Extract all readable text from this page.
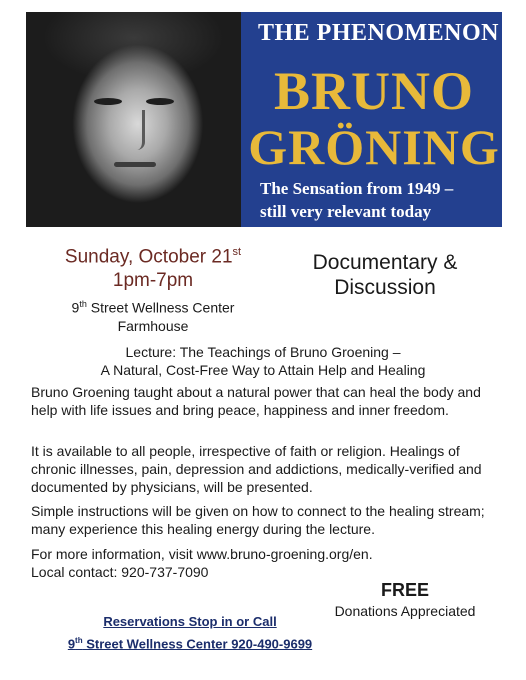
THE PHENOMENON
BRUNO
GRÖNING
The Sensation from 1949 –
still very relevant today
Sunday, October 21st
1pm-7pm
9th Street Wellness Center
Farmhouse
Documentary &
Discussion
Lecture: The Teachings of Bruno Groening –
A Natural, Cost-Free Way to Attain Help and Healing
Bruno Groening taught about a natural power that can heal the body and help with life issues and bring peace, happiness and inner freedom.
It is available to all people, irrespective of faith or religion. Healings of chronic illnesses, pain, depression and addictions, medically-verified and documented by physicians, will be presented.
Simple instructions will be given on how to connect to the healing stream; many experience this healing energy during the lecture.
For more information, visit www.bruno-groening.org/en.
Local contact: 920-737-7090
FREE
Donations Appreciated
Reservations Stop in or Call
9th Street Wellness Center 920-490-9699
